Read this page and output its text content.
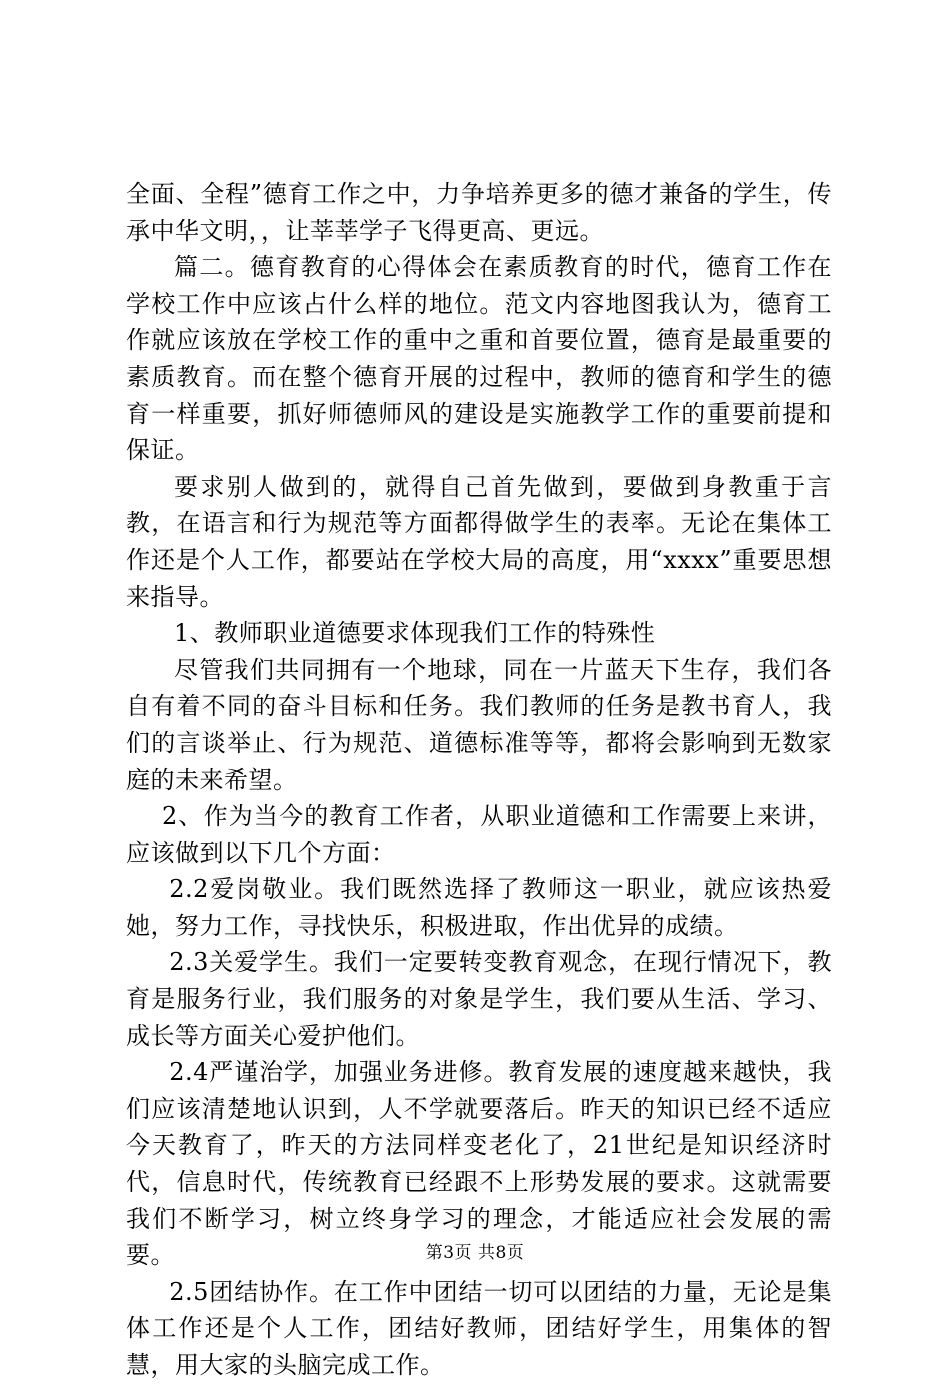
全面、全程”德育工作之中，力争培养更多的德才兼备的学生，传承中华文明，，让莘莘学子飞得更高、更远。

篇二。德育教育的心得体会在素质教育的时代，德育工作在学校工作中应该占什么样的地位。范文内容地图我认为，德育工作就应该放在学校工作的重中之重和首要位置，德育是最重要的素质教育。而在整个德育开展的过程中，教师的德育和学生的德育一样重要，抓好师德师风的建设是实施教学工作的重要前提和保证。

要求别人做到的，就得自己首先做到，要做到身教重于言教，在语言和行为规范等方面都得做学生的表率。无论在集体工作还是个人工作，都要站在学校大局的高度，用“xxxx”重要思想来指导。

1、教师职业道德要求体现我们工作的特殊性

尽管我们共同拥有一个地球，同在一片蓝天下生存，我们各自有着不同的奋斗目标和任务。我们教师的任务是教书育人，我们的言谈举止、行为规范、道德标准等等，都将会影响到无数家庭的未来希望。

2、作为当今的教育工作者，从职业道德和工作需要上来讲，应该做到以下几个方面：

2.2爱岗敬业。我们既然选择了教师这一职业，就应该热爱她，努力工作，寻找快乐，积极进取，作出优异的成绩。

2.3关爱学生。我们一定要转变教育观念，在现行情况下，教育是服务行业，我们服务的对象是学生，我们要从生活、学习、成长等方面关心爱护他们。

2.4严谨治学，加强业务进修。教育发展的速度越来越快，我们应该清楚地认识到，人不学就要落后。昨天的知识已经不适应今天教育了，昨天的方法同样变老化了，21世纪是知识经济时代，信息时代，传统教育已经跟不上形势发展的要求。这就需要我们不断学习，树立终身学习的理念，才能适应社会发展的需要。

2.5团结协作。在工作中团结一切可以团结的力量，无论是集体工作还是个人工作，团结好教师，团结好学生，用集体的智慧，用大家的头脑完成工作。

第3页 共8页
